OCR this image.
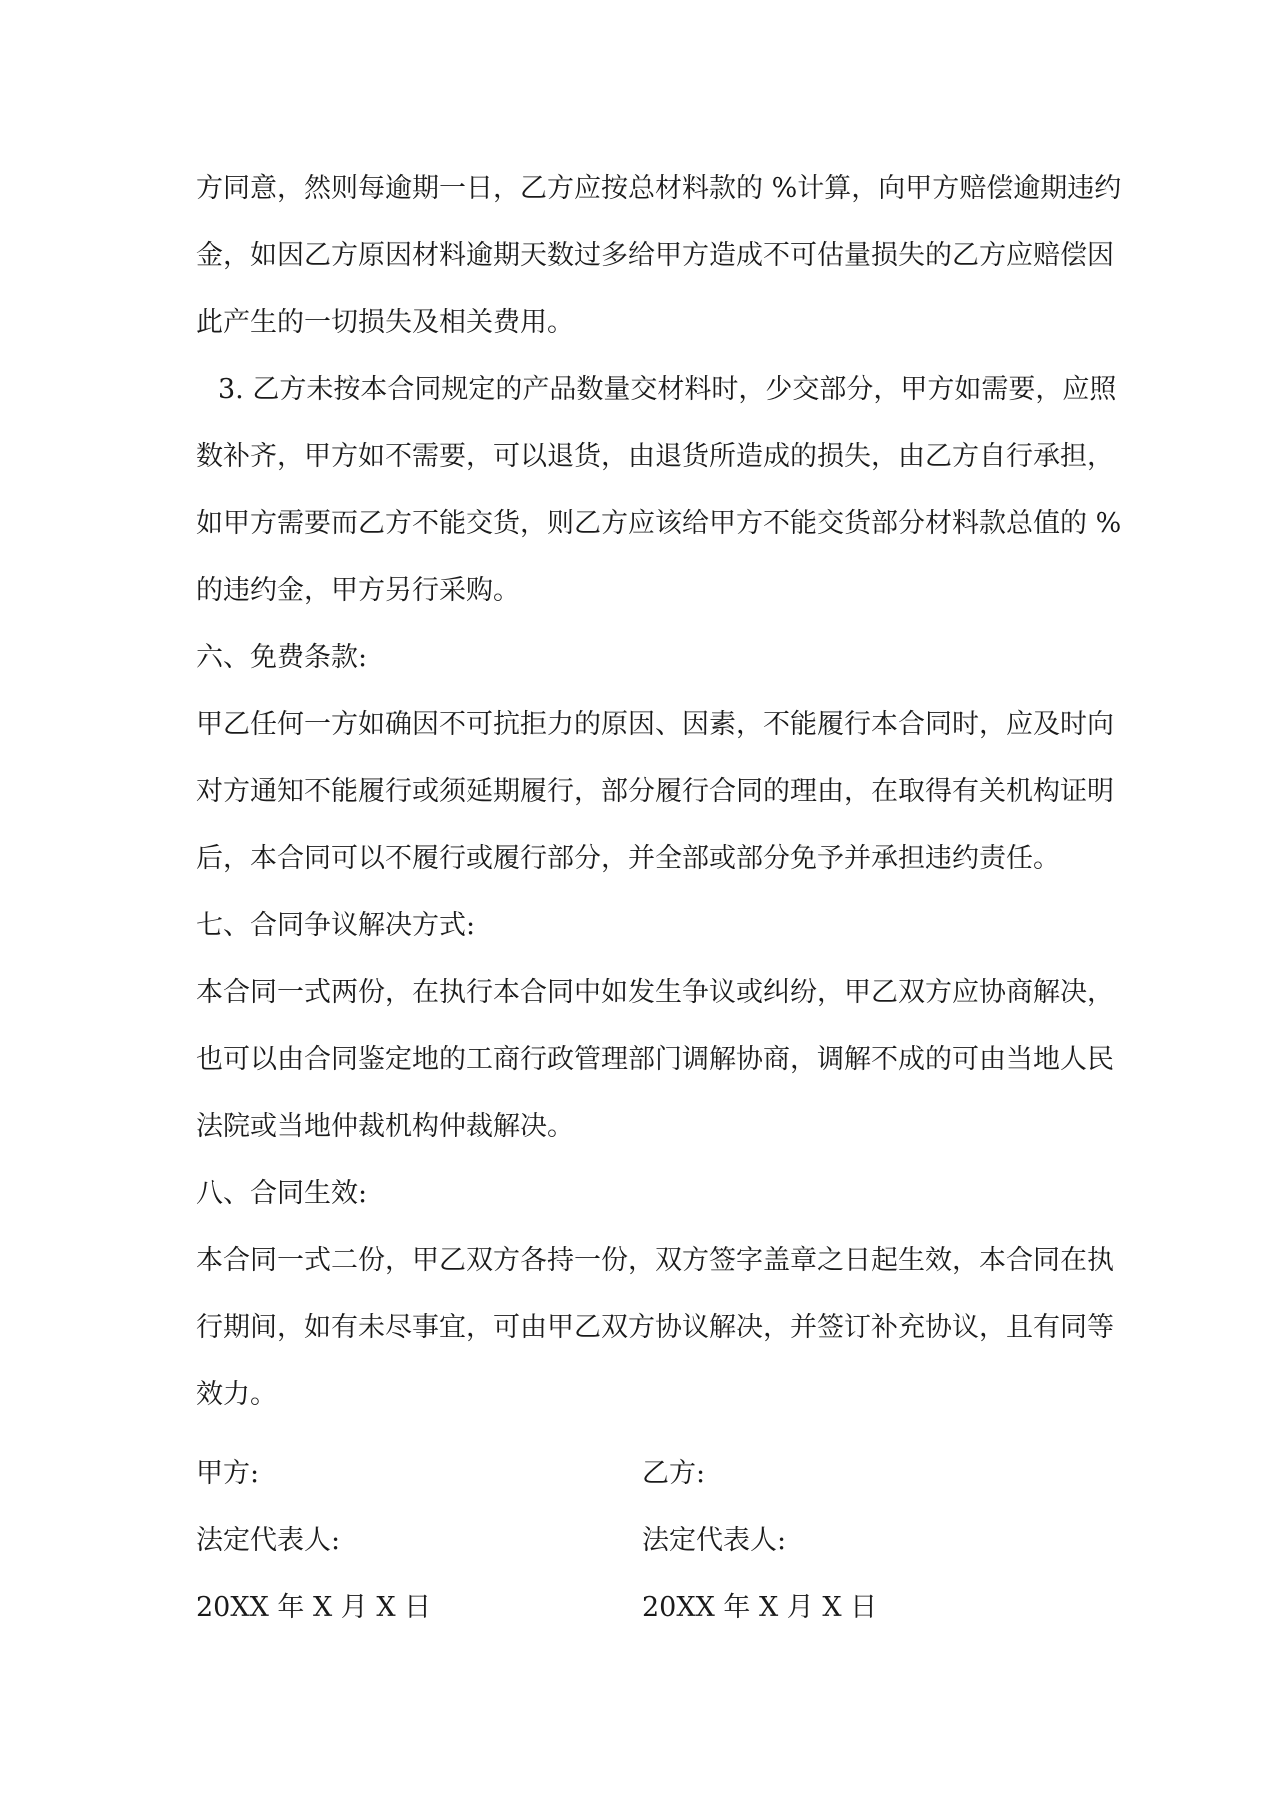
方同意，然则每逾期一日，乙方应按总材料款的 %计算，向甲方赔偿逾期违约
金，如因乙方原因材料逾期天数过多给甲方造成不可估量损失的乙方应赔偿因
此产生的一切损失及相关费用。
3. 乙方未按本合同规定的产品数量交材料时，少交部分，甲方如需要，应照
数补齐，甲方如不需要，可以退货，由退货所造成的损失，由乙方自行承担，
如甲方需要而乙方不能交货，则乙方应该给甲方不能交货部分材料款总值的 %
的违约金，甲方另行采购。
六、免费条款:
甲乙任何一方如确因不可抗拒力的原因、因素，不能履行本合同时，应及时向
对方通知不能履行或须延期履行，部分履行合同的理由，在取得有关机构证明
后，本合同可以不履行或履行部分，并全部或部分免予并承担违约责任。
七、合同争议解决方式:
本合同一式两份，在执行本合同中如发生争议或纠纷，甲乙双方应协商解决，
也可以由合同鉴定地的工商行政管理部门调解协商，调解不成的可由当地人民
法院或当地仲裁机构仲裁解决。
八、合同生效:
本合同一式二份，甲乙双方各持一份，双方签字盖章之日起生效，本合同在执
行期间，如有未尽事宜，可由甲乙双方协议解决，并签订补充协议，且有同等
效力。
甲方:	乙方:
法定代表人:	法定代表人:
20XX 年 X 月 X 日	20XX 年 X 月 X 日
